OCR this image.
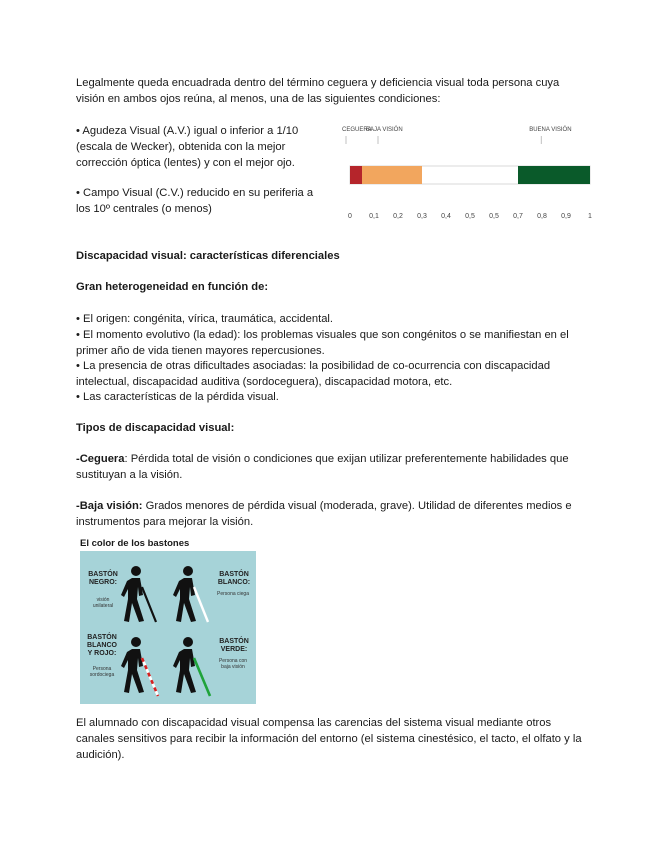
Legalmente queda encuadrada dentro del término ceguera y deficiencia visual toda persona cuya visión en ambos ojos reúna, al menos, una de las siguientes condiciones:

• Agudeza Visual (A.V.) igual o inferior a 1/10 (escala de Wecker), obtenida con la mejor corrección óptica (lentes) y con el mejor ojo.

• Campo Visual (C.V.) reducido en su periferia a los 10º centrales (o menos)

CEGUERA
BAJA VISIÓN	BUENA VISIÓN
0 0,1 0,2 0,3 0,4 0,5 0,5 0,7 0,8 0,9 1

Discapacidad visual: características diferenciales

Gran heterogeneidad en función de:

• El origen: congénita, vírica, traumática, accidental.

• El momento evolutivo (la edad): los problemas visuales que son congénitos o se manifiestan en el primer año de vida tienen mayores repercusiones.

• La presencia de otras dificultades asociadas: la posibilidad de co-ocurrencia con discapacidad intelectual, discapacidad auditiva (sordoceguera), discapacidad motora, etc.

• Las características de la pérdida visual.

Tipos de discapacidad visual:

-Ceguera: Pérdida total de visión o condiciones que exijan utilizar preferentemente habilidades que sustituyan a la visión.

-Baja visión: Grados menores de pérdida visual (moderada, grave). Utilidad de diferentes medios e instrumentos para mejorar la visión.

El color de los bastones
BASTÓN NEGRO:
visión unilateral
BASTÓN BLANCO:
Persona ciega
BASTÓN BLANCO Y ROJO:
Persona sordociega
BASTÓN VERDE:
Persona con baja visión

El alumnado con discapacidad visual compensa las carencias del sistema visual mediante otros canales sensitivos para recibir la información del entorno (el sistema cinestésico, el tacto, el olfato y la audición).
